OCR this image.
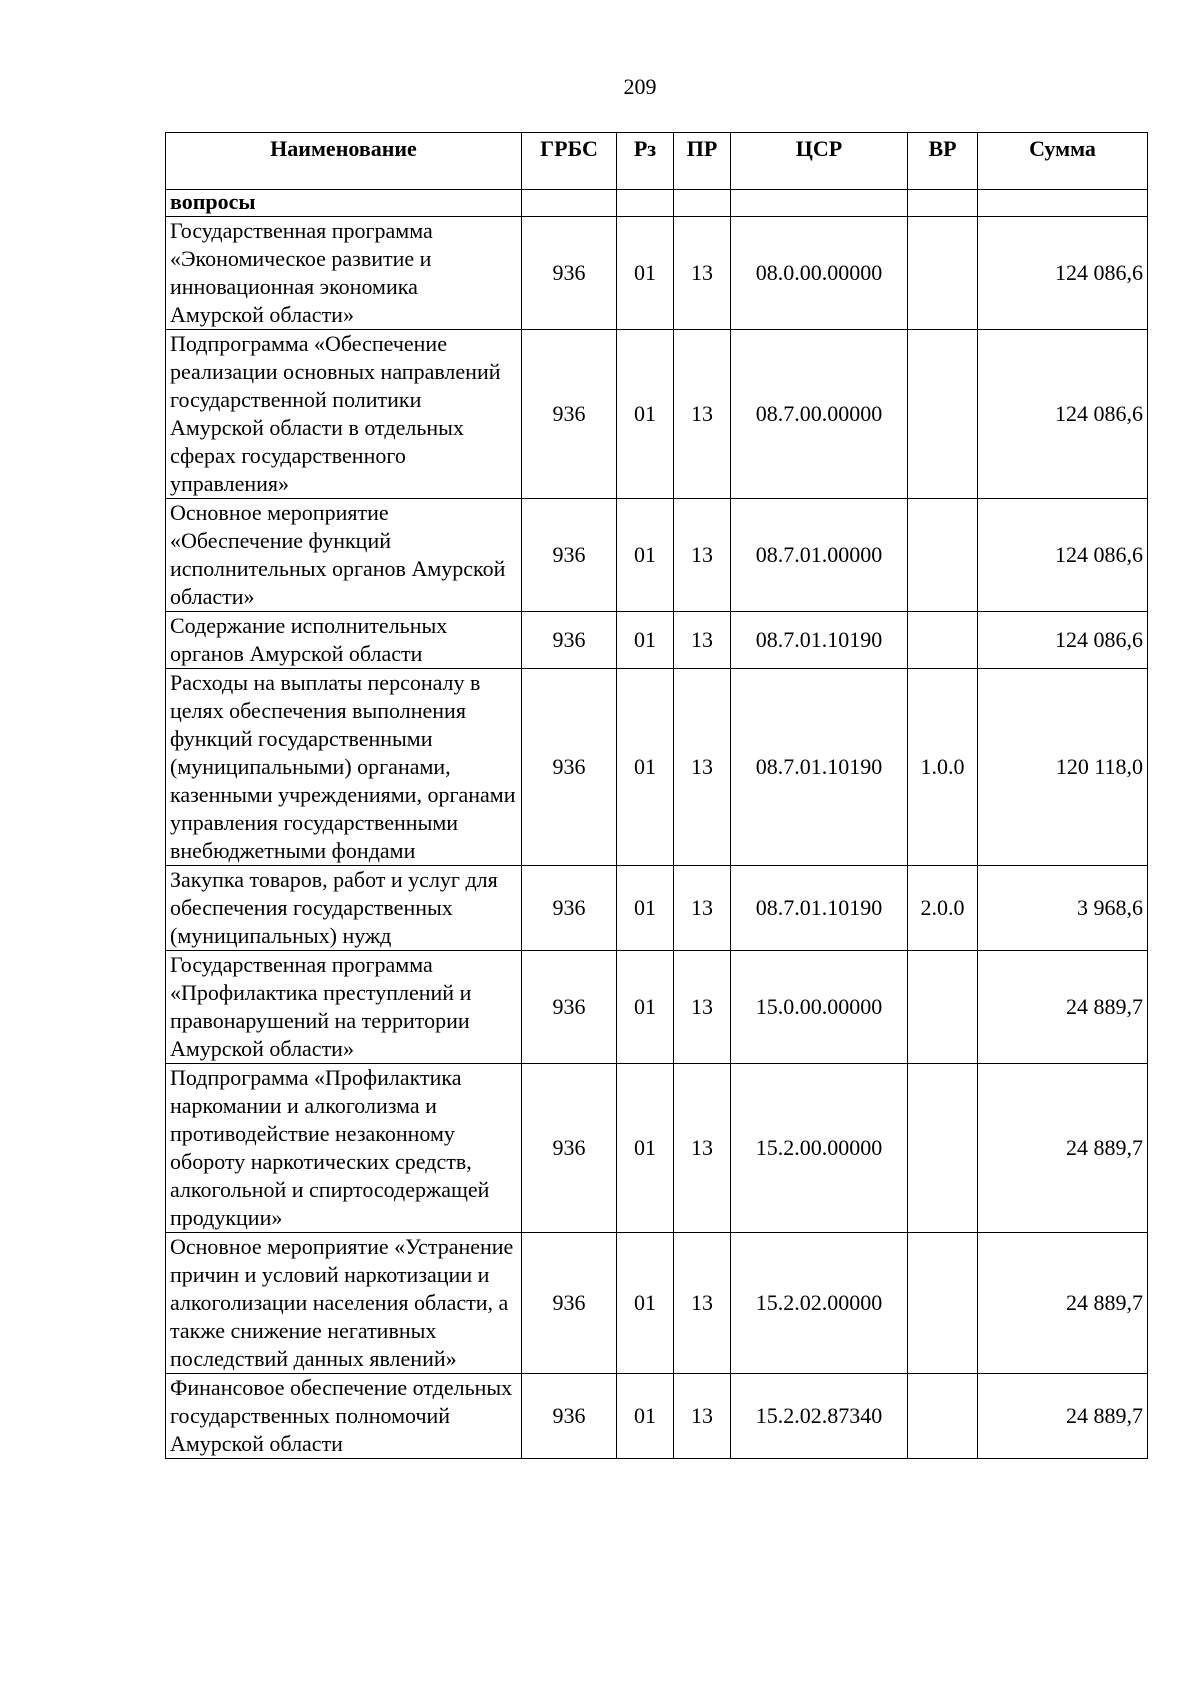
209
Наименование	ГРБС	Рз	ПР	ЦСР	ВР	Сумма
вопросы						
Государственная программа «Экономическое развитие и инновационная экономика Амурской области»	936	01	13	08.0.00.00000		124 086,6
Подпрограмма «Обеспечение реализации основных направлений государственной политики Амурской области в отдельных сферах государственного управления»	936	01	13	08.7.00.00000		124 086,6
Основное мероприятие «Обеспечение функций исполнительных органов Амурской области»	936	01	13	08.7.01.00000		124 086,6
Содержание исполнительных органов Амурской области	936	01	13	08.7.01.10190		124 086,6
Расходы на выплаты персоналу в целях обеспечения выполнения функций государственными (муниципальными) органами, казенными учреждениями, органами управления государственными внебюджетными фондами	936	01	13	08.7.01.10190	1.0.0	120 118,0
Закупка товаров, работ и услуг для обеспечения государственных (муниципальных) нужд	936	01	13	08.7.01.10190	2.0.0	3 968,6
Государственная программа «Профилактика преступлений и правонарушений на территории Амурской области»	936	01	13	15.0.00.00000		24 889,7
Подпрограмма «Профилактика наркомании и алкоголизма и противодействие незаконному обороту наркотических средств, алкогольной и спиртосодержащей продукции»	936	01	13	15.2.00.00000		24 889,7
Основное мероприятие «Устранение причин и условий наркотизации и алкоголизации населения области, а также снижение негативных последствий данных явлений»	936	01	13	15.2.02.00000		24 889,7
Финансовое обеспечение отдельных государственных полномочий Амурской области	936	01	13	15.2.02.87340		24 889,7
